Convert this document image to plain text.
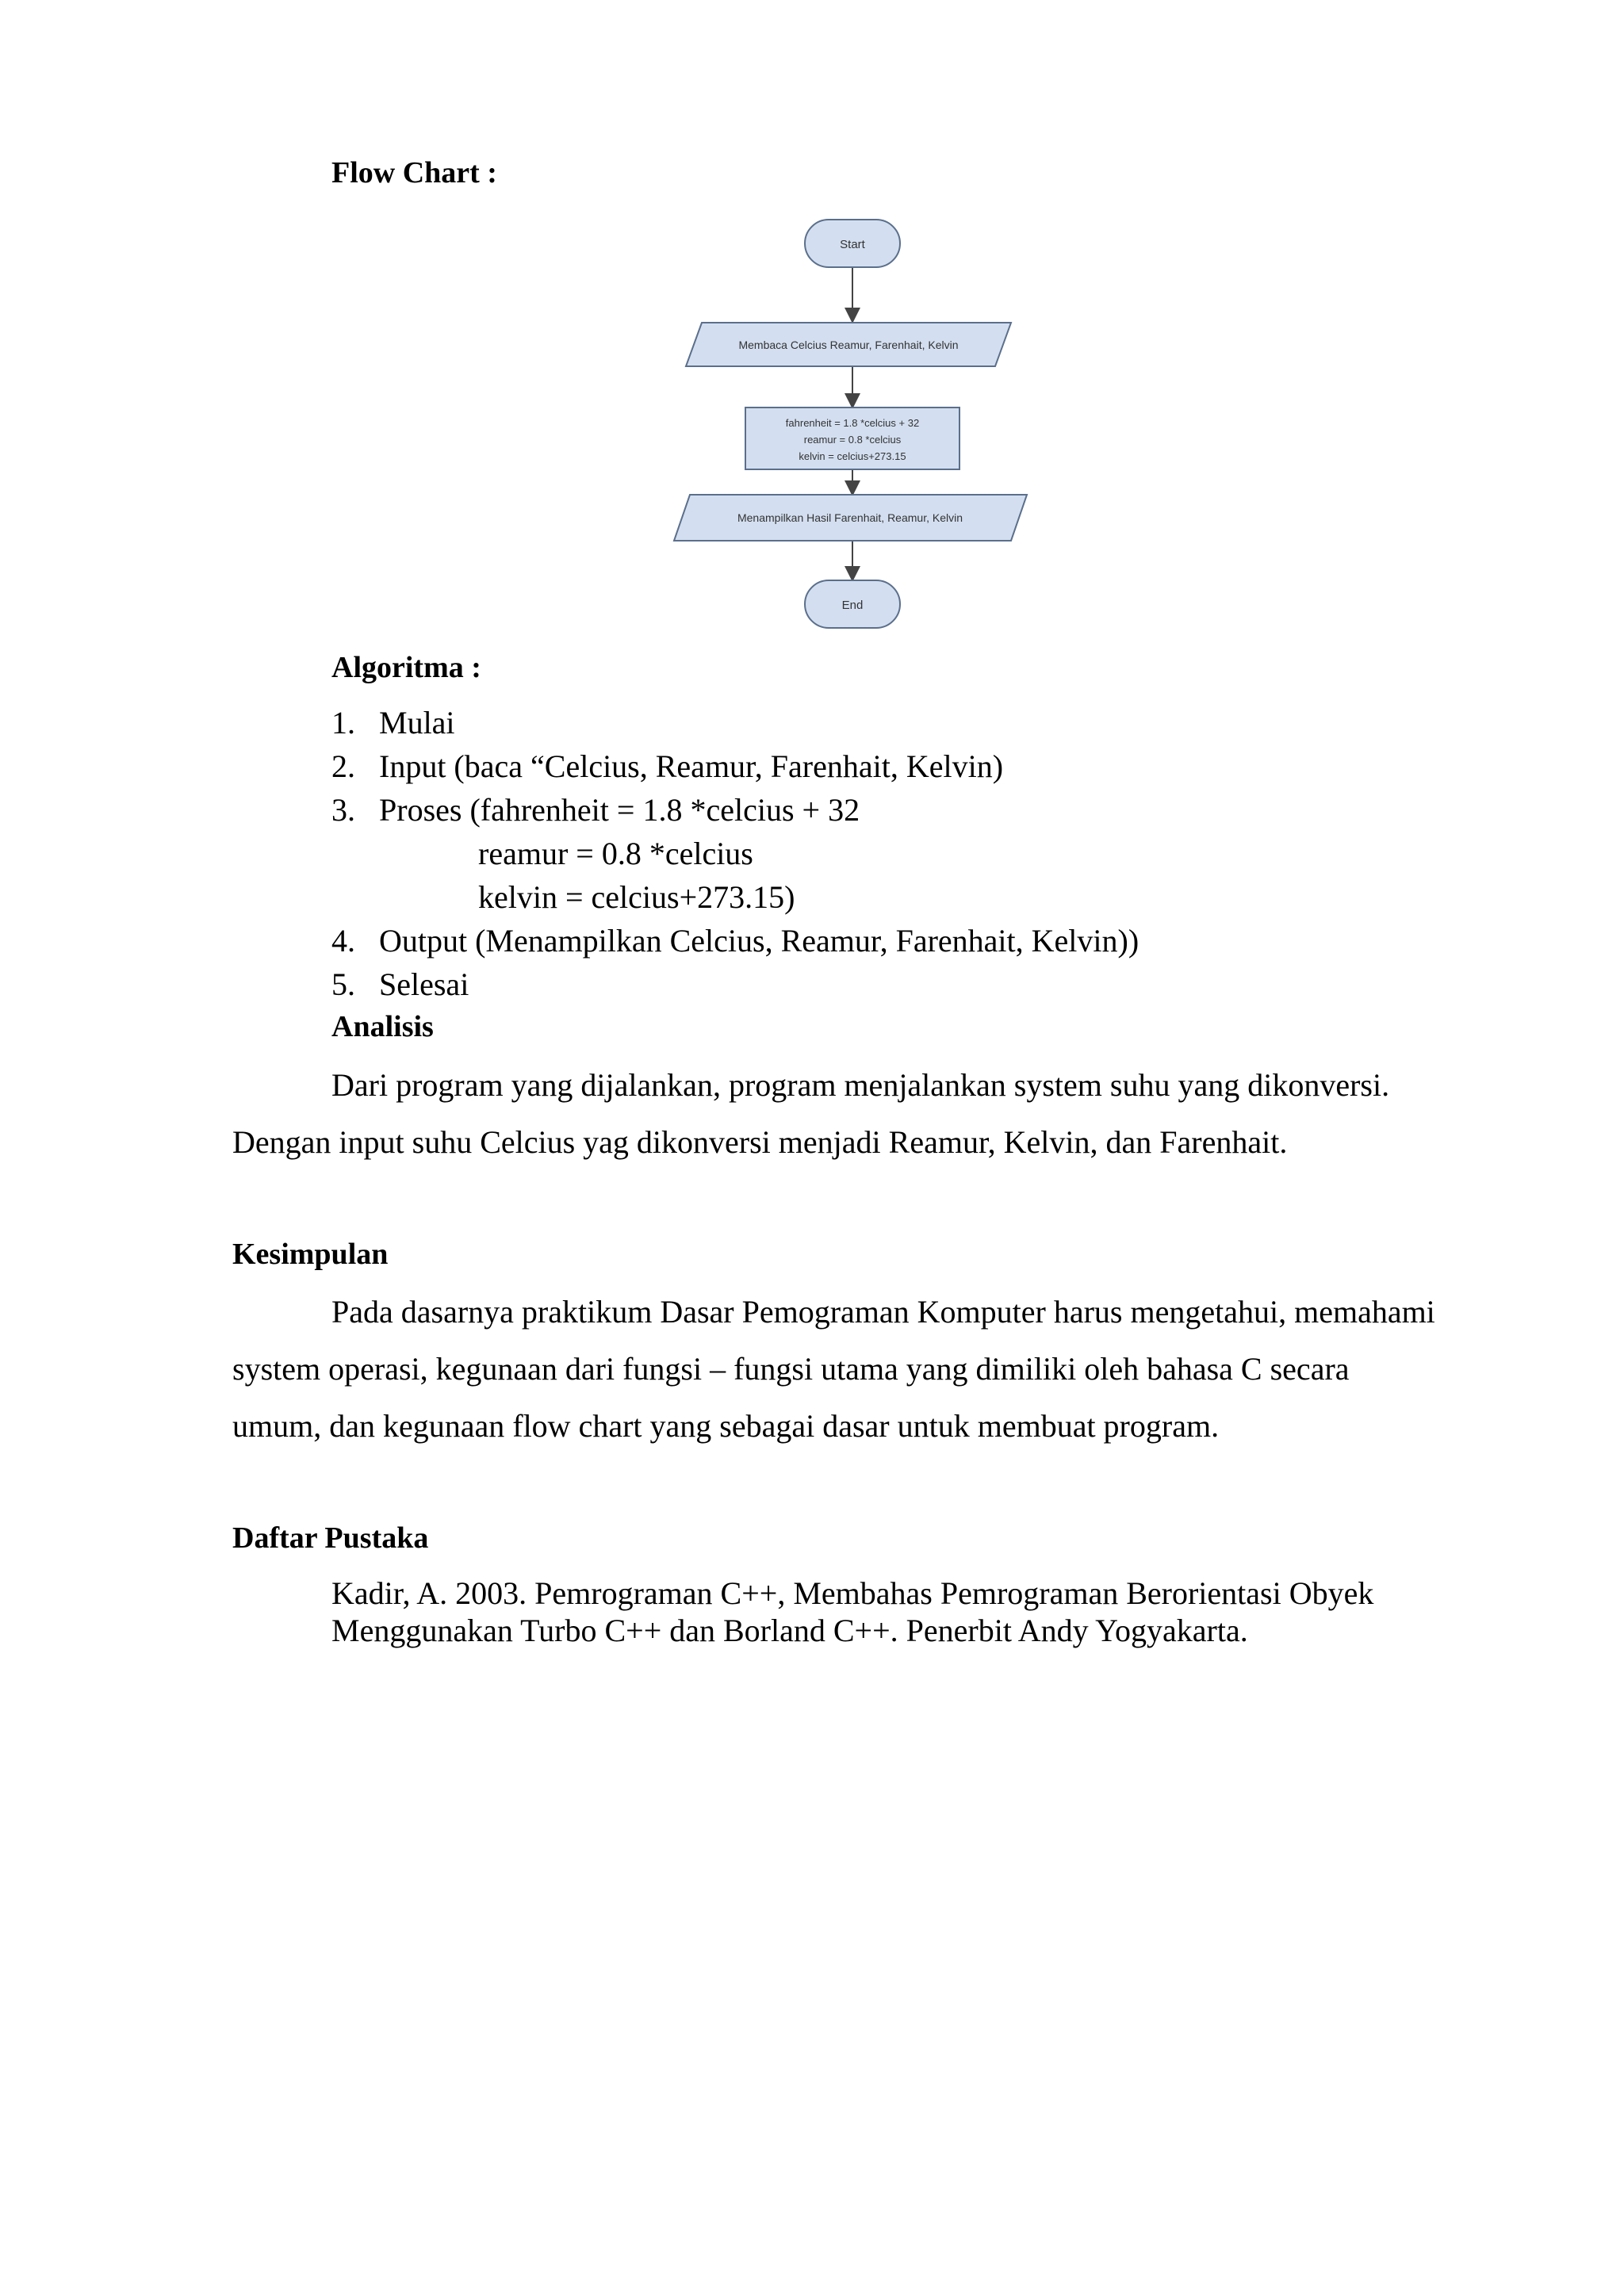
Flow Chart :
Start
Membaca Celcius Reamur, Farenhait, Kelvin
fahrenheit = 1.8 *celcius + 32
reamur = 0.8 *celcius
kelvin = celcius+273.15
Menampilkan Hasil Farenhait, Reamur, Kelvin
End
Algoritma :
1. Mulai
2. Input (baca “Celcius, Reamur, Farenhait, Kelvin)
3. Proses (fahrenheit = 1.8 *celcius + 32
reamur = 0.8 *celcius
kelvin = celcius+273.15)
4. Output (Menampilkan Celcius, Reamur, Farenhait, Kelvin))
5. Selesai
Analisis
Dari program yang dijalankan, program menjalankan system suhu yang dikonversi.
Dengan input suhu Celcius yag dikonversi menjadi Reamur, Kelvin, dan Farenhait.
Kesimpulan
Pada dasarnya praktikum Dasar Pemograman Komputer harus mengetahui, memahami
system operasi, kegunaan dari fungsi – fungsi utama yang dimiliki oleh bahasa C secara
umum, dan kegunaan flow chart yang sebagai dasar untuk membuat program.
Daftar Pustaka
Kadir, A. 2003. Pemrograman C++, Membahas Pemrograman Berorientasi Obyek
Menggunakan Turbo C++ dan Borland C++. Penerbit Andy Yogyakarta.
